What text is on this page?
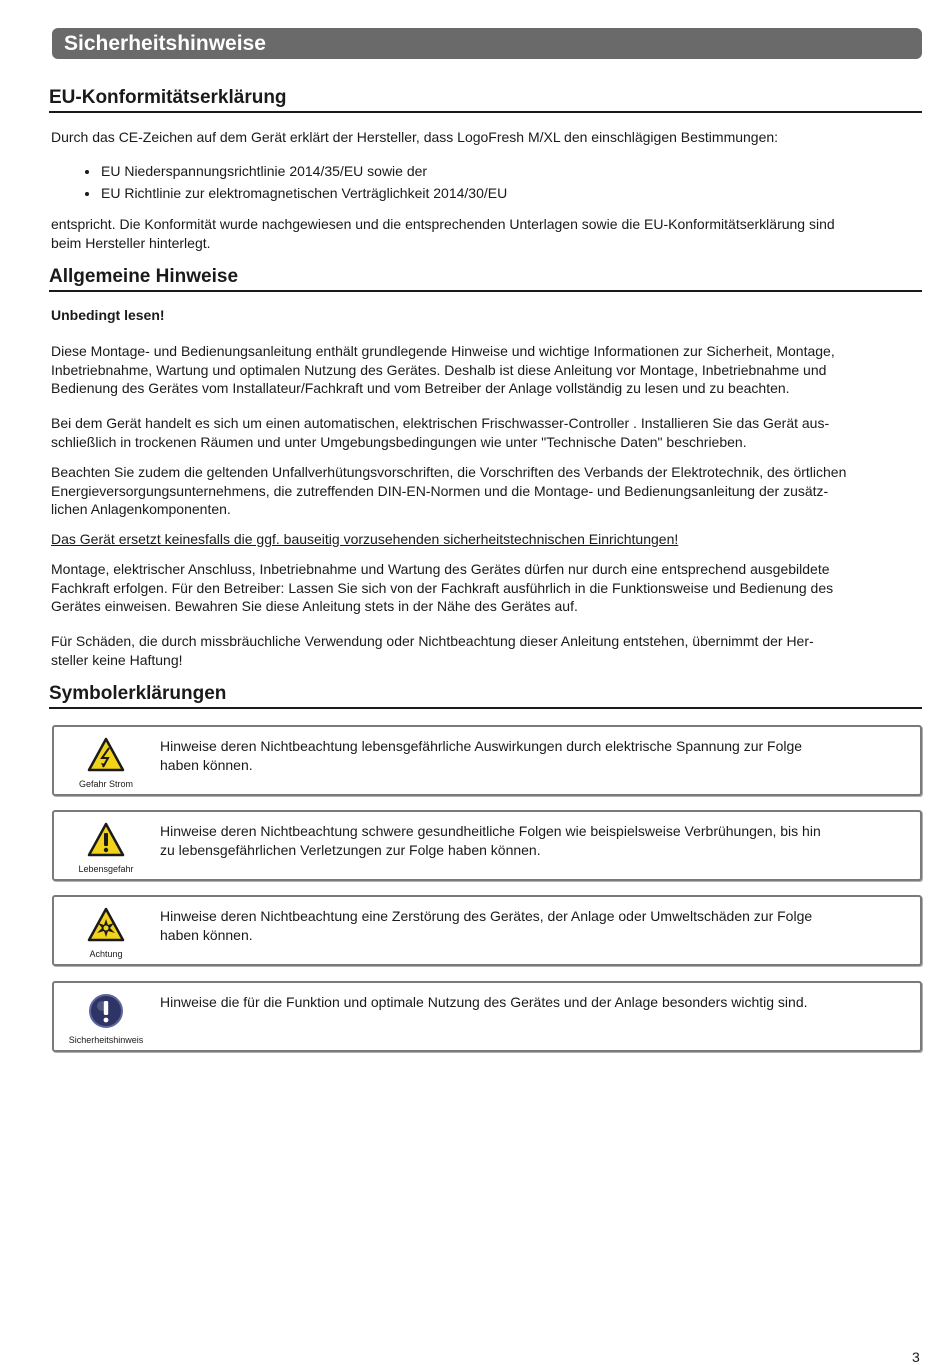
Sicherheitshinweise
EU-Konformitätserklärung

Durch das CE-Zeichen auf dem Gerät erklärt der Hersteller, dass LogoFresh M/XL den einschlägigen Bestimmungen:

EU Niederspannungsrichtlinie 2014/35/EU sowie der
EU Richtlinie zur elektromagnetischen Verträglichkeit 2014/30/EU

entspricht. Die Konformität wurde nachgewiesen und die entsprechenden Unterlagen sowie die EU-Konformitätserklärung sind
beim Hersteller hinterlegt.

Allgemeine Hinweise

Unbedingt lesen!

Diese Montage- und Bedienungsanleitung enthält grundlegende Hinweise und wichtige Informationen zur Sicherheit, Montage,
Inbetriebnahme, Wartung und optimalen Nutzung des Gerätes. Deshalb ist diese Anleitung vor Montage, Inbetriebnahme und
Bedienung des Gerätes vom Installateur/Fachkraft und vom Betreiber der Anlage vollständig zu lesen und zu beachten.

Bei dem Gerät handelt es sich um einen automatischen, elektrischen Frischwasser-Controller . Installieren Sie das Gerät aus-
schließlich in trockenen Räumen und unter Umgebungsbedingungen wie unter "Technische Daten" beschrieben.

Beachten Sie zudem die geltenden Unfallverhütungsvorschriften, die Vorschriften des Verbands der Elektrotechnik, des örtlichen
Energieversorgungsunternehmens, die zutreffenden DIN-EN-Normen und die Montage- und Bedienungsanleitung der zusätz-
lichen Anlagenkomponenten.

Das Gerät ersetzt keinesfalls die ggf. bauseitig vorzusehenden sicherheitstechnischen Einrichtungen!

Montage, elektrischer Anschluss, Inbetriebnahme und Wartung des Gerätes dürfen nur durch eine entsprechend ausgebildete
Fachkraft erfolgen. Für den Betreiber: Lassen Sie sich von der Fachkraft ausführlich in die Funktionsweise und Bedienung des
Gerätes einweisen. Bewahren Sie diese Anleitung stets in der Nähe des Gerätes auf.

Für Schäden, die durch missbräuchliche Verwendung oder Nichtbeachtung dieser Anleitung entstehen, übernimmt der Her-
steller keine Haftung!

Symbolerklärungen
Gefahr Strom
Hinweise deren Nichtbeachtung lebensgefährliche Auswirkungen durch elektrische Spannung zur Folge
haben können.
Lebensgefahr
Hinweise deren Nichtbeachtung schwere gesundheitliche Folgen wie beispielsweise Verbrühungen, bis hin
zu lebensgefährlichen Verletzungen zur Folge haben können.
Achtung
Hinweise deren Nichtbeachtung eine Zerstörung des Gerätes, der Anlage oder Umweltschäden zur Folge
haben können.
Sicherheitshinweis
Hinweise die für die Funktion und optimale Nutzung des Gerätes und der Anlage besonders wichtig sind.
3
